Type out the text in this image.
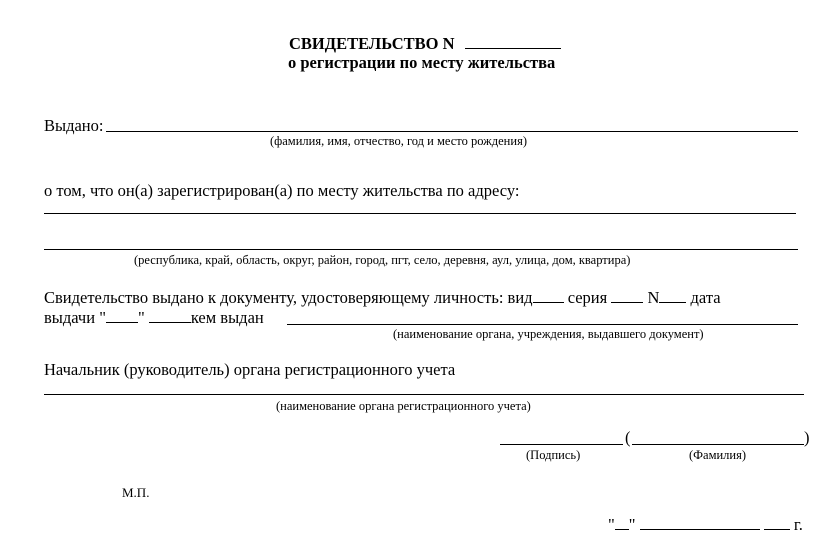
СВИДЕТЕЛЬСТВО N
о регистрации по месту жительства
Выдано:
(фамилия, имя, отчество, год и место рождения)
о том, что он(а) зарегистрирован(а) по месту жительства по адресу:
(республика, край, область, округ, район, город, пгт, село, деревня, аул, улица, дом, квартира)
Свидетельство выдано к документу, удостоверяющему личность: вид серия N дата
выдачи " "	кем выдан
(наименование органа, учреждения, выдавшего документ)
Начальник (руководитель) органа регистрационного учета
(наименование органа регистрационного учета)
(	)
(Подпись)	(Фамилия)
М.П.
" "	г.
